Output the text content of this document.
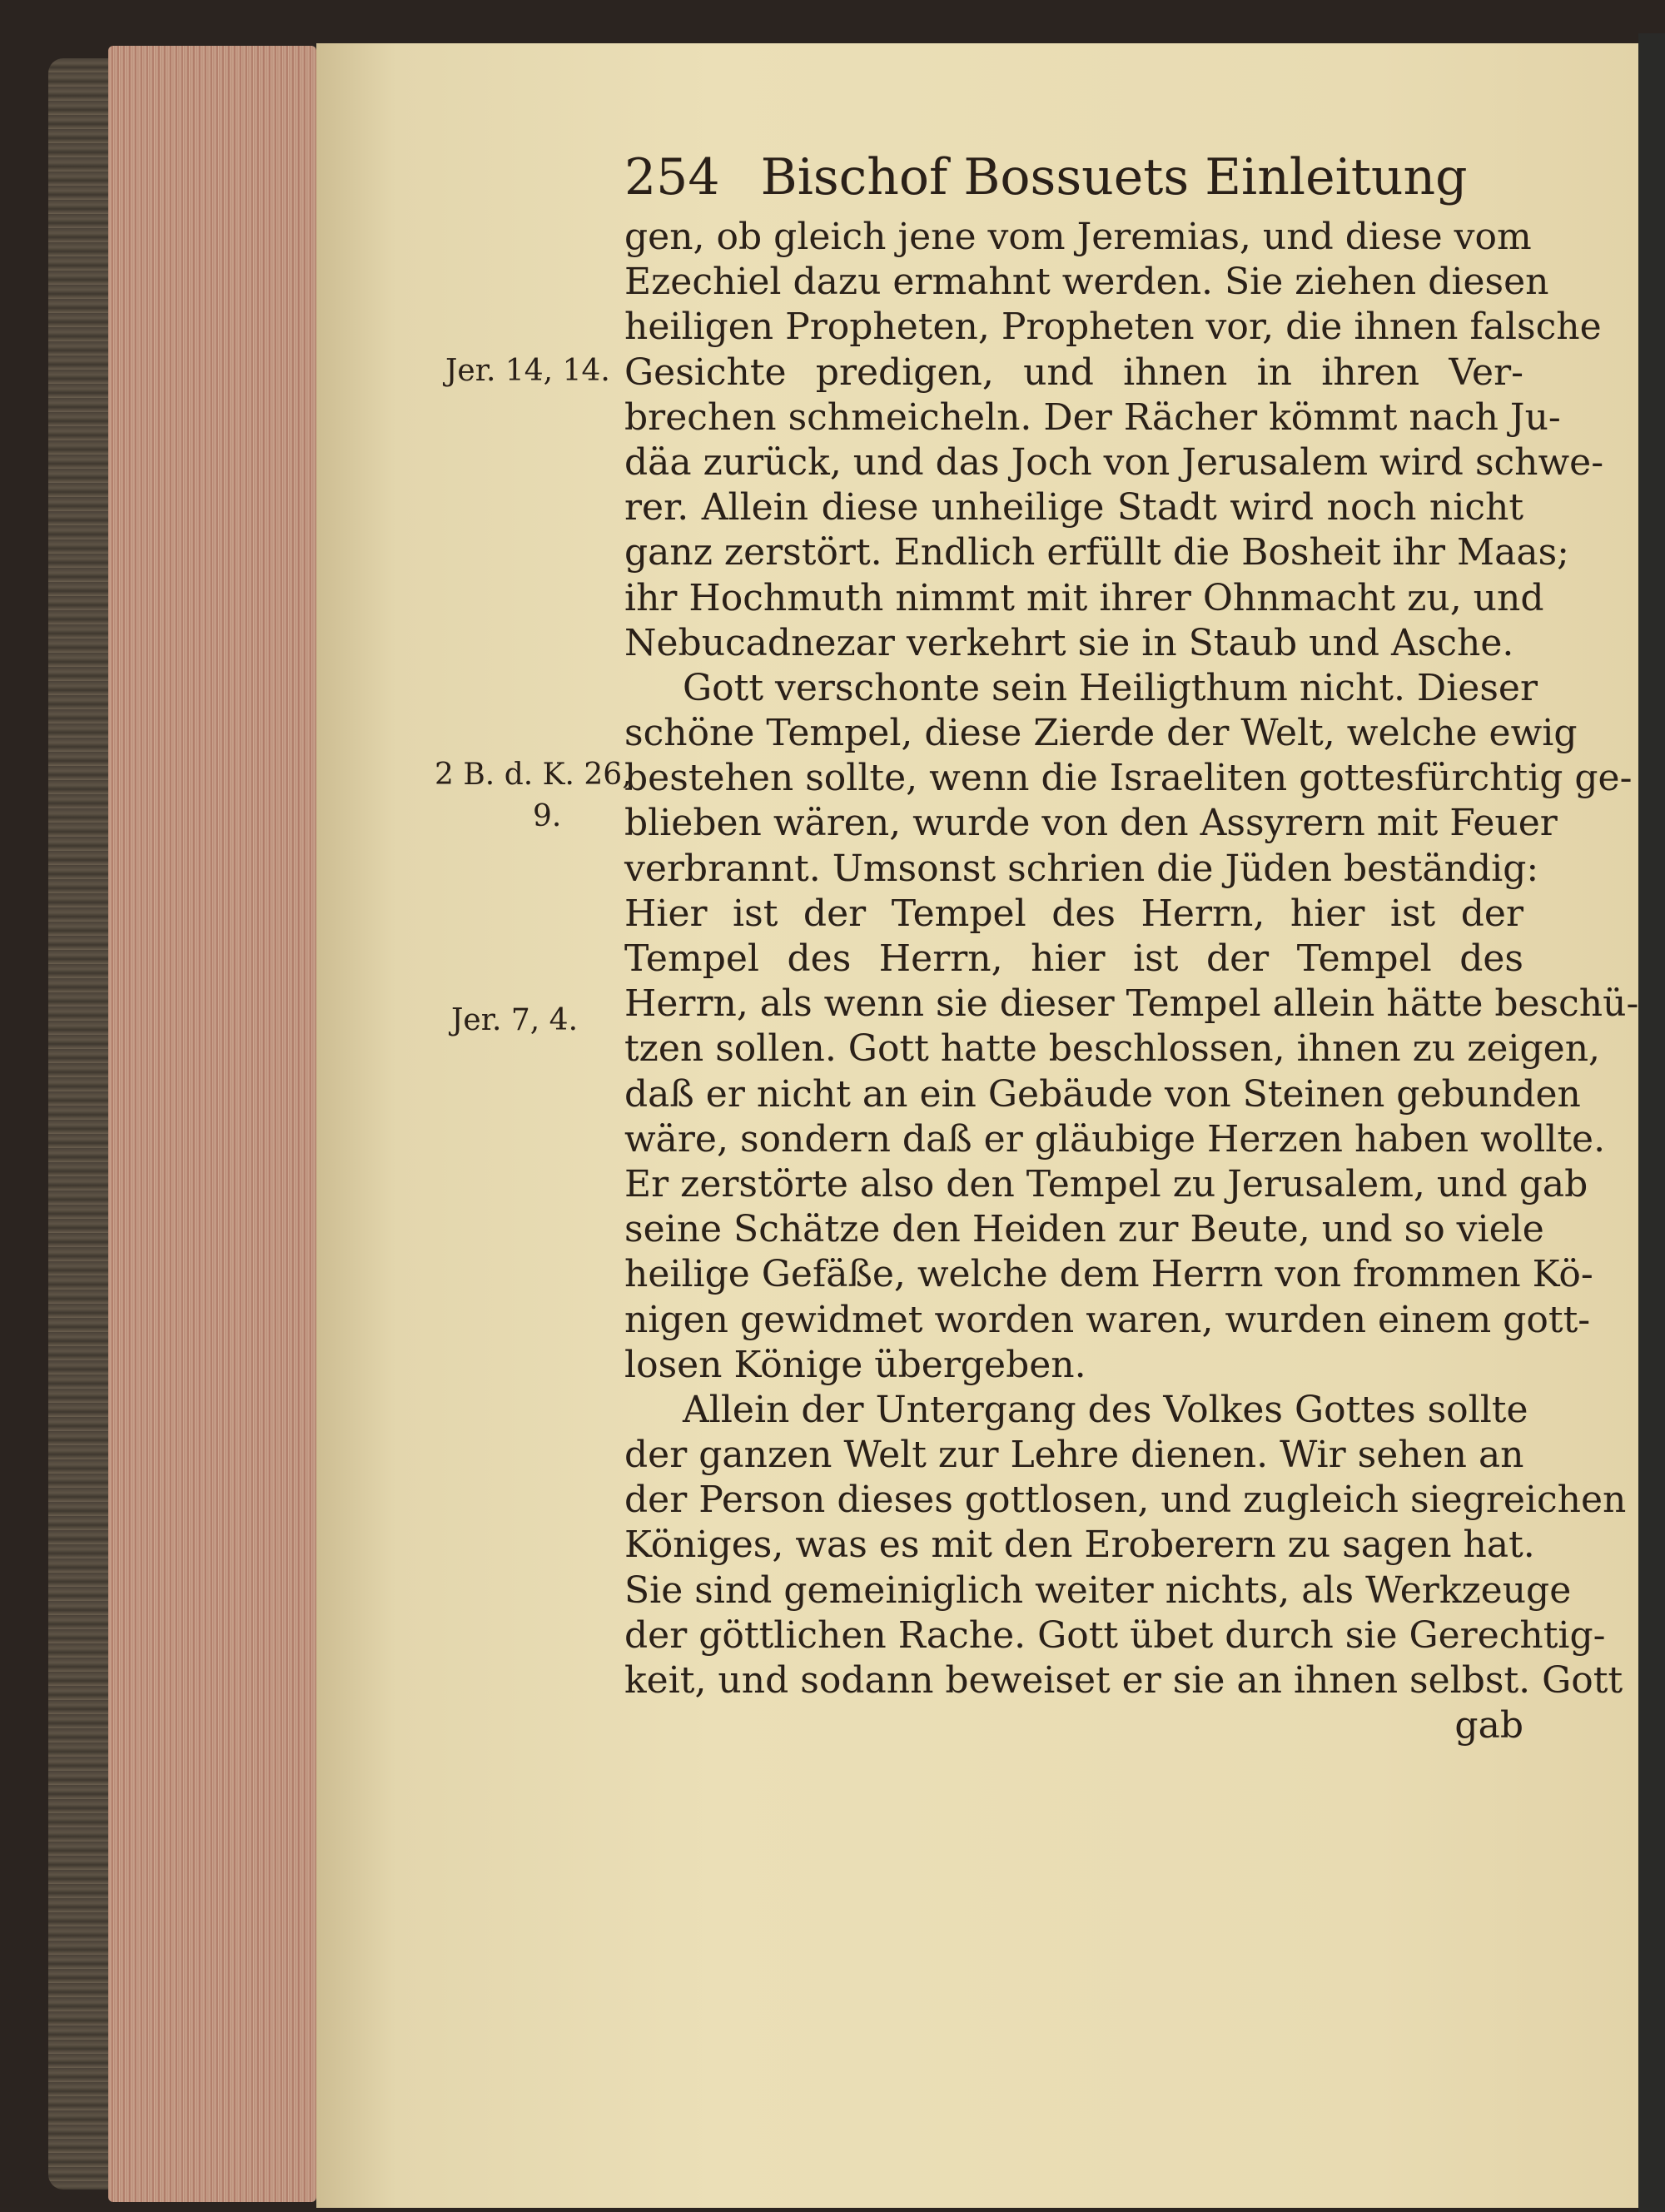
254 Bischof Bossuets Einleitung
Jer. 14, 14.
2 B. d. K. 26,
9.
Jer. 7, 4.
gen, ob gleich jene vom Jeremias, und diese vom
Ezechiel dazu ermahnt werden. Sie ziehen diesen
heiligen Propheten, Propheten vor, die ihnen falsche
Gesichte predigen, und ihnen in ihren Ver-
brechen schmeicheln. Der Rächer kömmt nach Ju-
däa zurück, und das Joch von Jerusalem wird schwe-
rer. Allein diese unheilige Stadt wird noch nicht
ganz zerstört. Endlich erfüllt die Bosheit ihr Maas;
ihr Hochmuth nimmt mit ihrer Ohnmacht zu, und
Nebucadnezar verkehrt sie in Staub und Asche.
Gott verschonte sein Heiligthum nicht. Dieser
schöne Tempel, diese Zierde der Welt, welche ewig
bestehen sollte, wenn die Israeliten gottesfürchtig ge-
blieben wären, wurde von den Assyrern mit Feuer
verbrannt. Umsonst schrien die Jüden beständig:
Hier ist der Tempel des Herrn, hier ist der
Tempel des Herrn, hier ist der Tempel des
Herrn, als wenn sie dieser Tempel allein hätte beschü-
tzen sollen. Gott hatte beschlossen, ihnen zu zeigen,
daß er nicht an ein Gebäude von Steinen gebunden
wäre, sondern daß er gläubige Herzen haben wollte.
Er zerstörte also den Tempel zu Jerusalem, und gab
seine Schätze den Heiden zur Beute, und so viele
heilige Gefäße, welche dem Herrn von frommen Kö-
nigen gewidmet worden waren, wurden einem gott-
losen Könige übergeben.
Allein der Untergang des Volkes Gottes sollte
der ganzen Welt zur Lehre dienen. Wir sehen an
der Person dieses gottlosen, und zugleich siegreichen
Königes, was es mit den Eroberern zu sagen hat.
Sie sind gemeiniglich weiter nichts, als Werkzeuge
der göttlichen Rache. Gott übet durch sie Gerechtig-
keit, und sodann beweiset er sie an ihnen selbst. Gott
gab
